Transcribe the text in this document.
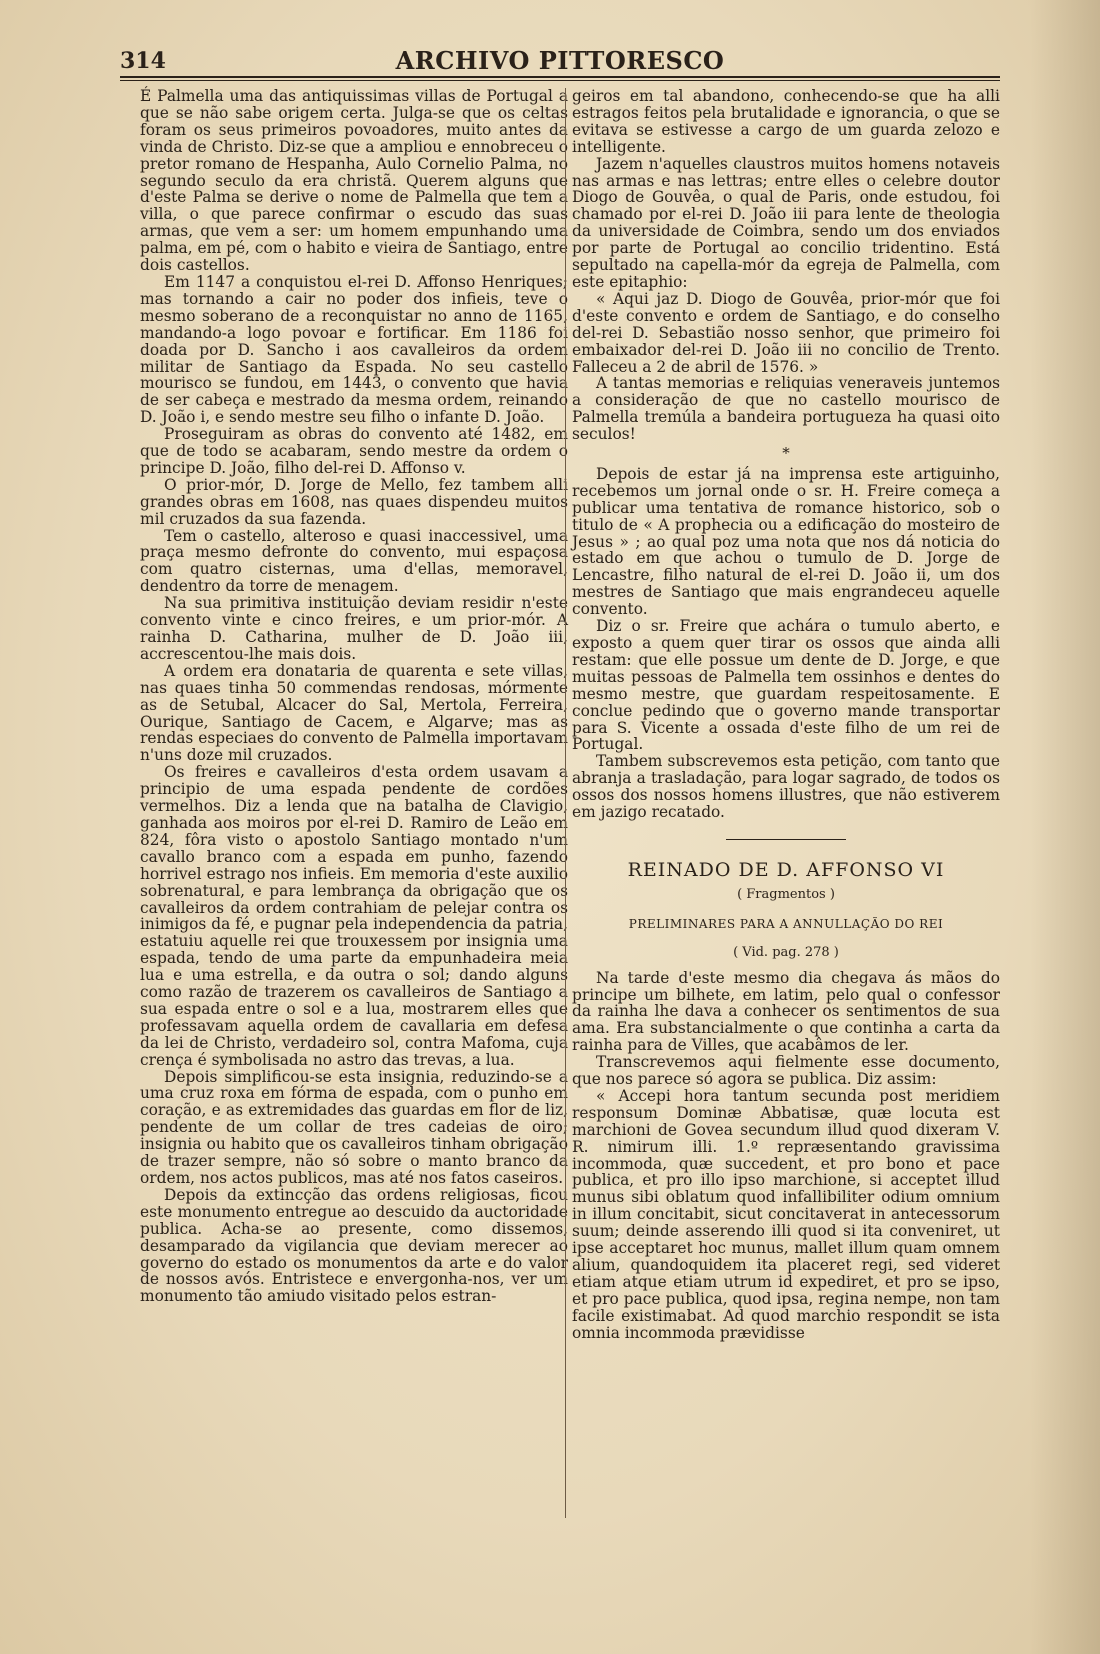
314	ARCHIVO PITTORESCO

É Palmella uma das antiquissimas villas de Portugal a que se não sabe origem certa. Julga-se que os celtas foram os seus primeiros povoadores, muito antes da vinda de Christo. Diz-se que a ampliou e ennobreceu o pretor romano de Hespanha, Aulo Cornelio Palma, no segundo seculo da era christã. Querem alguns que d'este Palma se derive o nome de Palmella que tem a villa, o que parece confirmar o escudo das suas armas, que vem a ser: um homem empunhando uma palma, em pé, com o habito e vieira de Santiago, entre dois castellos.

Em 1147 a conquistou el-rei D. Affonso Henriques; mas tornando a cair no poder dos infieis, teve o mesmo soberano de a reconquistar no anno de 1165, mandando-a logo povoar e fortificar. Em 1186 foi doada por D. Sancho i aos cavalleiros da ordem militar de Santiago da Espada. No seu castello mourisco se fundou, em 1443, o convento que havia de ser cabeça e mestrado da mesma ordem, reinando D. João i, e sendo mestre seu filho o infante D. João.

Proseguiram as obras do convento até 1482, em que de todo se acabaram, sendo mestre da ordem o principe D. João, filho del-rei D. Affonso v.

O prior-mór, D. Jorge de Mello, fez tambem alli grandes obras em 1608, nas quaes dispendeu muitos mil cruzados da sua fazenda.

Tem o castello, alteroso e quasi inaccessivel, uma praça mesmo defronte do convento, mui espaçosa com quatro cisternas, uma d'ellas, memoravel, dendentro da torre de menagem.

Na sua primitiva instituição deviam residir n'este convento vinte e cinco freires, e um prior-mór. A rainha D. Catharina, mulher de D. João iii, accrescentou-lhe mais dois.

A ordem era donataria de quarenta e sete villas, nas quaes tinha 50 commendas rendosas, mórmente as de Setubal, Alcacer do Sal, Mertola, Ferreira, Ourique, Santiago de Cacem, e Algarve; mas as rendas especiaes do convento de Palmella importavam n'uns doze mil cruzados.

Os freires e cavalleiros d'esta ordem usavam a principio de uma espada pendente de cordões vermelhos. Diz a lenda que na batalha de Clavigio, ganhada aos moiros por el-rei D. Ramiro de Leão em 824, fôra visto o apostolo Santiago montado n'um cavallo branco com a espada em punho, fazendo horrivel estrago nos infieis. Em memoria d'este auxilio sobrenatural, e para lembrança da obrigação que os cavalleiros da ordem contrahiam de pelejar contra os inimigos da fé, e pugnar pela independencia da patria, estatuiu aquelle rei que trouxessem por insignia uma espada, tendo de uma parte da empunhadeira meia lua e uma estrella, e da outra o sol; dando alguns como razão de trazerem os cavalleiros de Santiago a sua espada entre o sol e a lua, mostrarem elles que professavam aquella ordem de cavallaria em defesa da lei de Christo, verdadeiro sol, contra Mafoma, cuja crença é symbolisada no astro das trevas, a lua.

Depois simplificou-se esta insignia, reduzindo-se a uma cruz roxa em fórma de espada, com o punho em coração, e as extremidades das guardas em flor de liz, pendente de um collar de tres cadeias de oiro; insignia ou habito que os cavalleiros tinham obrigação de trazer sempre, não só sobre o manto branco da ordem, nos actos publicos, mas até nos fatos caseiros.

Depois da extincção das ordens religiosas, ficou este monumento entregue ao descuido da auctoridade publica. Acha-se ao presente, como dissemos, desamparado da vigilancia que deviam merecer ao governo do estado os monumentos da arte e do valor de nossos avós. Entristece e envergonha-nos, ver um monumento tão amiudo visitado pelos estran-

geiros em tal abandono, conhecendo-se que ha alli estragos feitos pela brutalidade e ignorancia, o que se evitava se estivesse a cargo de um guarda zelozo e intelligente.

Jazem n'aquelles claustros muitos homens notaveis nas armas e nas lettras; entre elles o celebre doutor Diogo de Gouvêa, o qual de Paris, onde estudou, foi chamado por el-rei D. João iii para lente de theologia da universidade de Coimbra, sendo um dos enviados por parte de Portugal ao concilio tridentino. Está sepultado na capella-mór da egreja de Palmella, com este epitaphio:

« Aqui jaz D. Diogo de Gouvêa, prior-mór que foi d'este convento e ordem de Santiago, e do conselho del-rei D. Sebastião nosso senhor, que primeiro foi embaixador del-rei D. João iii no concilio de Trento. Falleceu a 2 de abril de 1576. »

A tantas memorias e reliquias veneraveis juntemos a consideração de que no castello mourisco de Palmella tremúla a bandeira portugueza ha quasi oito seculos!

*

Depois de estar já na imprensa este artiguinho, recebemos um jornal onde o sr. H. Freire começa a publicar uma tentativa de romance historico, sob o titulo de « A prophecia ou a edificação do mosteiro de Jesus » ; ao qual poz uma nota que nos dá noticia do estado em que achou o tumulo de D. Jorge de Lencastre, filho natural de el-rei D. João ii, um dos mestres de Santiago que mais engrandeceu aquelle convento.

Diz o sr. Freire que achára o tumulo aberto, e exposto a quem quer tirar os ossos que ainda alli restam: que elle possue um dente de D. Jorge, e que muitas pessoas de Palmella tem ossinhos e dentes do mesmo mestre, que guardam respeitosamente. E conclue pedindo que o governo mande transportar para S. Vicente a ossada d'este filho de um rei de Portugal.

Tambem subscrevemos esta petição, com tanto que abranja a trasladação, para logar sagrado, de todos os ossos dos nossos homens illustres, que não estiverem em jazigo recatado.

REINADO DE D. AFFONSO VI
( Fragmentos )
PRELIMINARES PARA A ANNULLAÇÃO DO REI
( Vid. pag. 278 )

Na tarde d'este mesmo dia chegava ás mãos do principe um bilhete, em latim, pelo qual o confessor da rainha lhe dava a conhecer os sentimentos de sua ama. Era substancialmente o que continha a carta da rainha para de Villes, que acabâmos de ler.

Transcrevemos aqui fielmente esse documento, que nos parece só agora se publica. Diz assim:

« Accepi hora tantum secunda post meridiem responsum Dominæ Abbatisæ, quæ locuta est marchioni de Govea secundum illud quod dixeram V. R. nimirum illi. 1.º repræsentando gravissima incommoda, quæ succedent, et pro bono et pace publica, et pro illo ipso marchione, si acceptet illud munus sibi oblatum quod infallibiliter odium omnium in illum concitabit, sicut concitaverat in antecessorum suum; deinde asserendo illi quod si ita conveniret, ut ipse acceptaret hoc munus, mallet illum quam omnem alium, quandoquidem ita placeret regi, sed videret etiam atque etiam utrum id expediret, et pro se ipso, et pro pace publica, quod ipsa, regina nempe, non tam facile existimabat. Ad quod marchio respondit se ista omnia incommoda prævidisse
